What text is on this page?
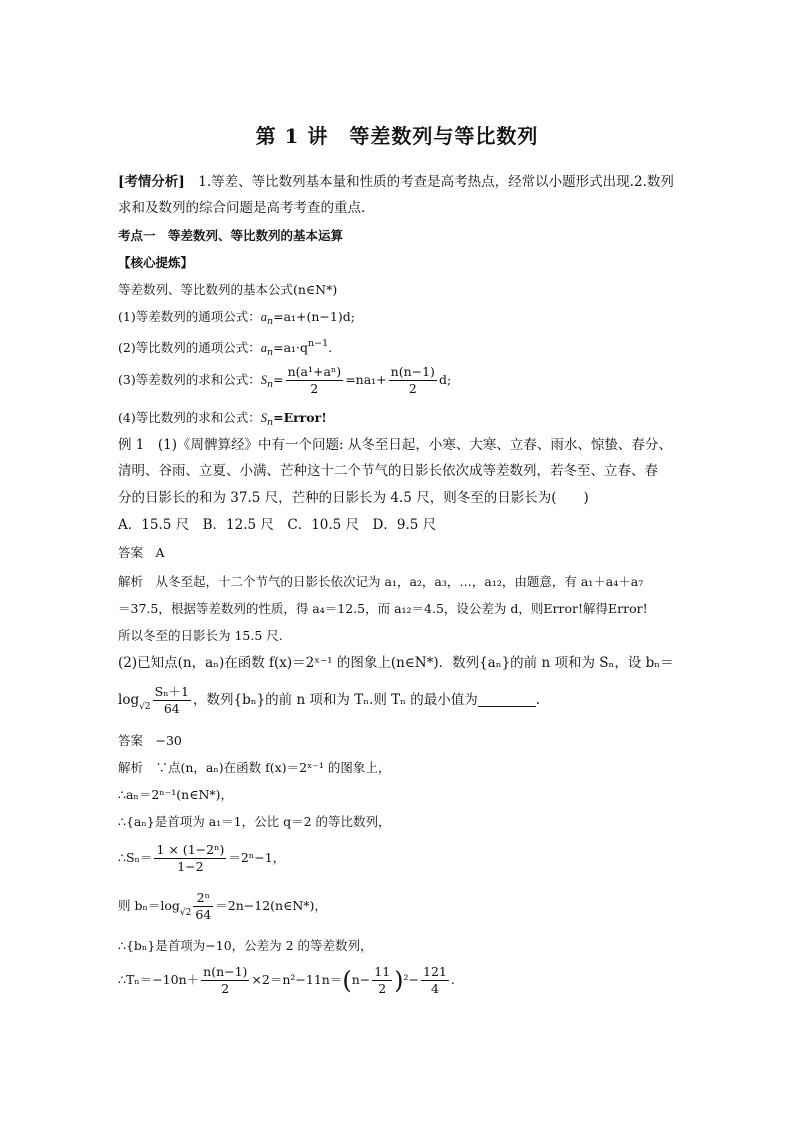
第 1 讲　等差数列与等比数列
[考情分析]　1.等差、等比数列基本量和性质的考查是高考热点，经常以小题形式出现.2.数列
求和及数列的综合问题是高考考查的重点.
考点一　等差数列、等比数列的基本运算
【核心提炼】
等差数列、等比数列的基本公式(n∈N*)
(1)等差数列的通项公式：$a_n=a_1+(n-1)d$;
(2)等比数列的通项公式：$a_n=a_1\cdot q^{n-1}$.
(3)等差数列的求和公式：$S_n= \frac{\text{n(a¹+aⁿ)}}{2} =na_1+ \frac{n(n-1)}{2} d$;
(4)等比数列的求和公式：$S_n=Error$!
例 1　(1)《周髀算经》中有一个问题: 从冬至日起，小寒、大寒、立春、雨水、惊蛰、春分、
清明、谷雨、立夏、小满、芒种这十二个节气的日影长依次成等差数列，若冬至、立春、春
分的日影长的和为 37.5 尺，芒种的日影长为 4.5 尺，则冬至的日影长为(　　)
A．15.5 尺　B．12.5 尺　C．10.5 尺　D．9.5 尺
答案　A
解析　从冬至起，十二个节气的日影长依次记为 a₁，a₂，a₃，…，a₁₂，由题意，有 a₁＋a₄＋a₇
＝37.5，根据等差数列的性质，得 a₄＝12.5，而 a₁₂＝4.5，设公差为 d，则Error!解得Error!
所以冬至的日影长为 15.5 尺.
(2)已知点(n，aₙ)在函数 f(x)＝2ˣ⁻¹ 的图象上(n∈N*)．数列{aₙ}的前 n 项和为 Sₙ，设 bₙ＝
$\log_{√2} \frac{\text{Sₙ＋1}}{64}$ ，数列{bₙ}的前 n 项和为 Tₙ.则 Tₙ 的最小值为	.
答案　−30
解析　∵点(n，aₙ)在函数 f(x)＝2ˣ⁻¹ 的图象上，
∴aₙ＝2ⁿ⁻¹(n∈N*)，
∴{aₙ}是首项为 a₁＝1，公比 q＝2 的等比数列，
∴Sₙ＝ $\frac{\text{1 × (1−2ⁿ)}}{1-2} =2^n-1$，
则 $b_n=\log_{√2} \frac{\text{2ⁿ}}{64}$ ＝2n−12(n∈N*)，
∴{bₙ}是首项为−10，公差为 2 的等差数列，
∴Tₙ＝−10n＋ $\frac{n(n-1)}{2} \times 2=n^2-11n=(n- \frac{11}{2} )^2- \frac{121}{4}$ .
